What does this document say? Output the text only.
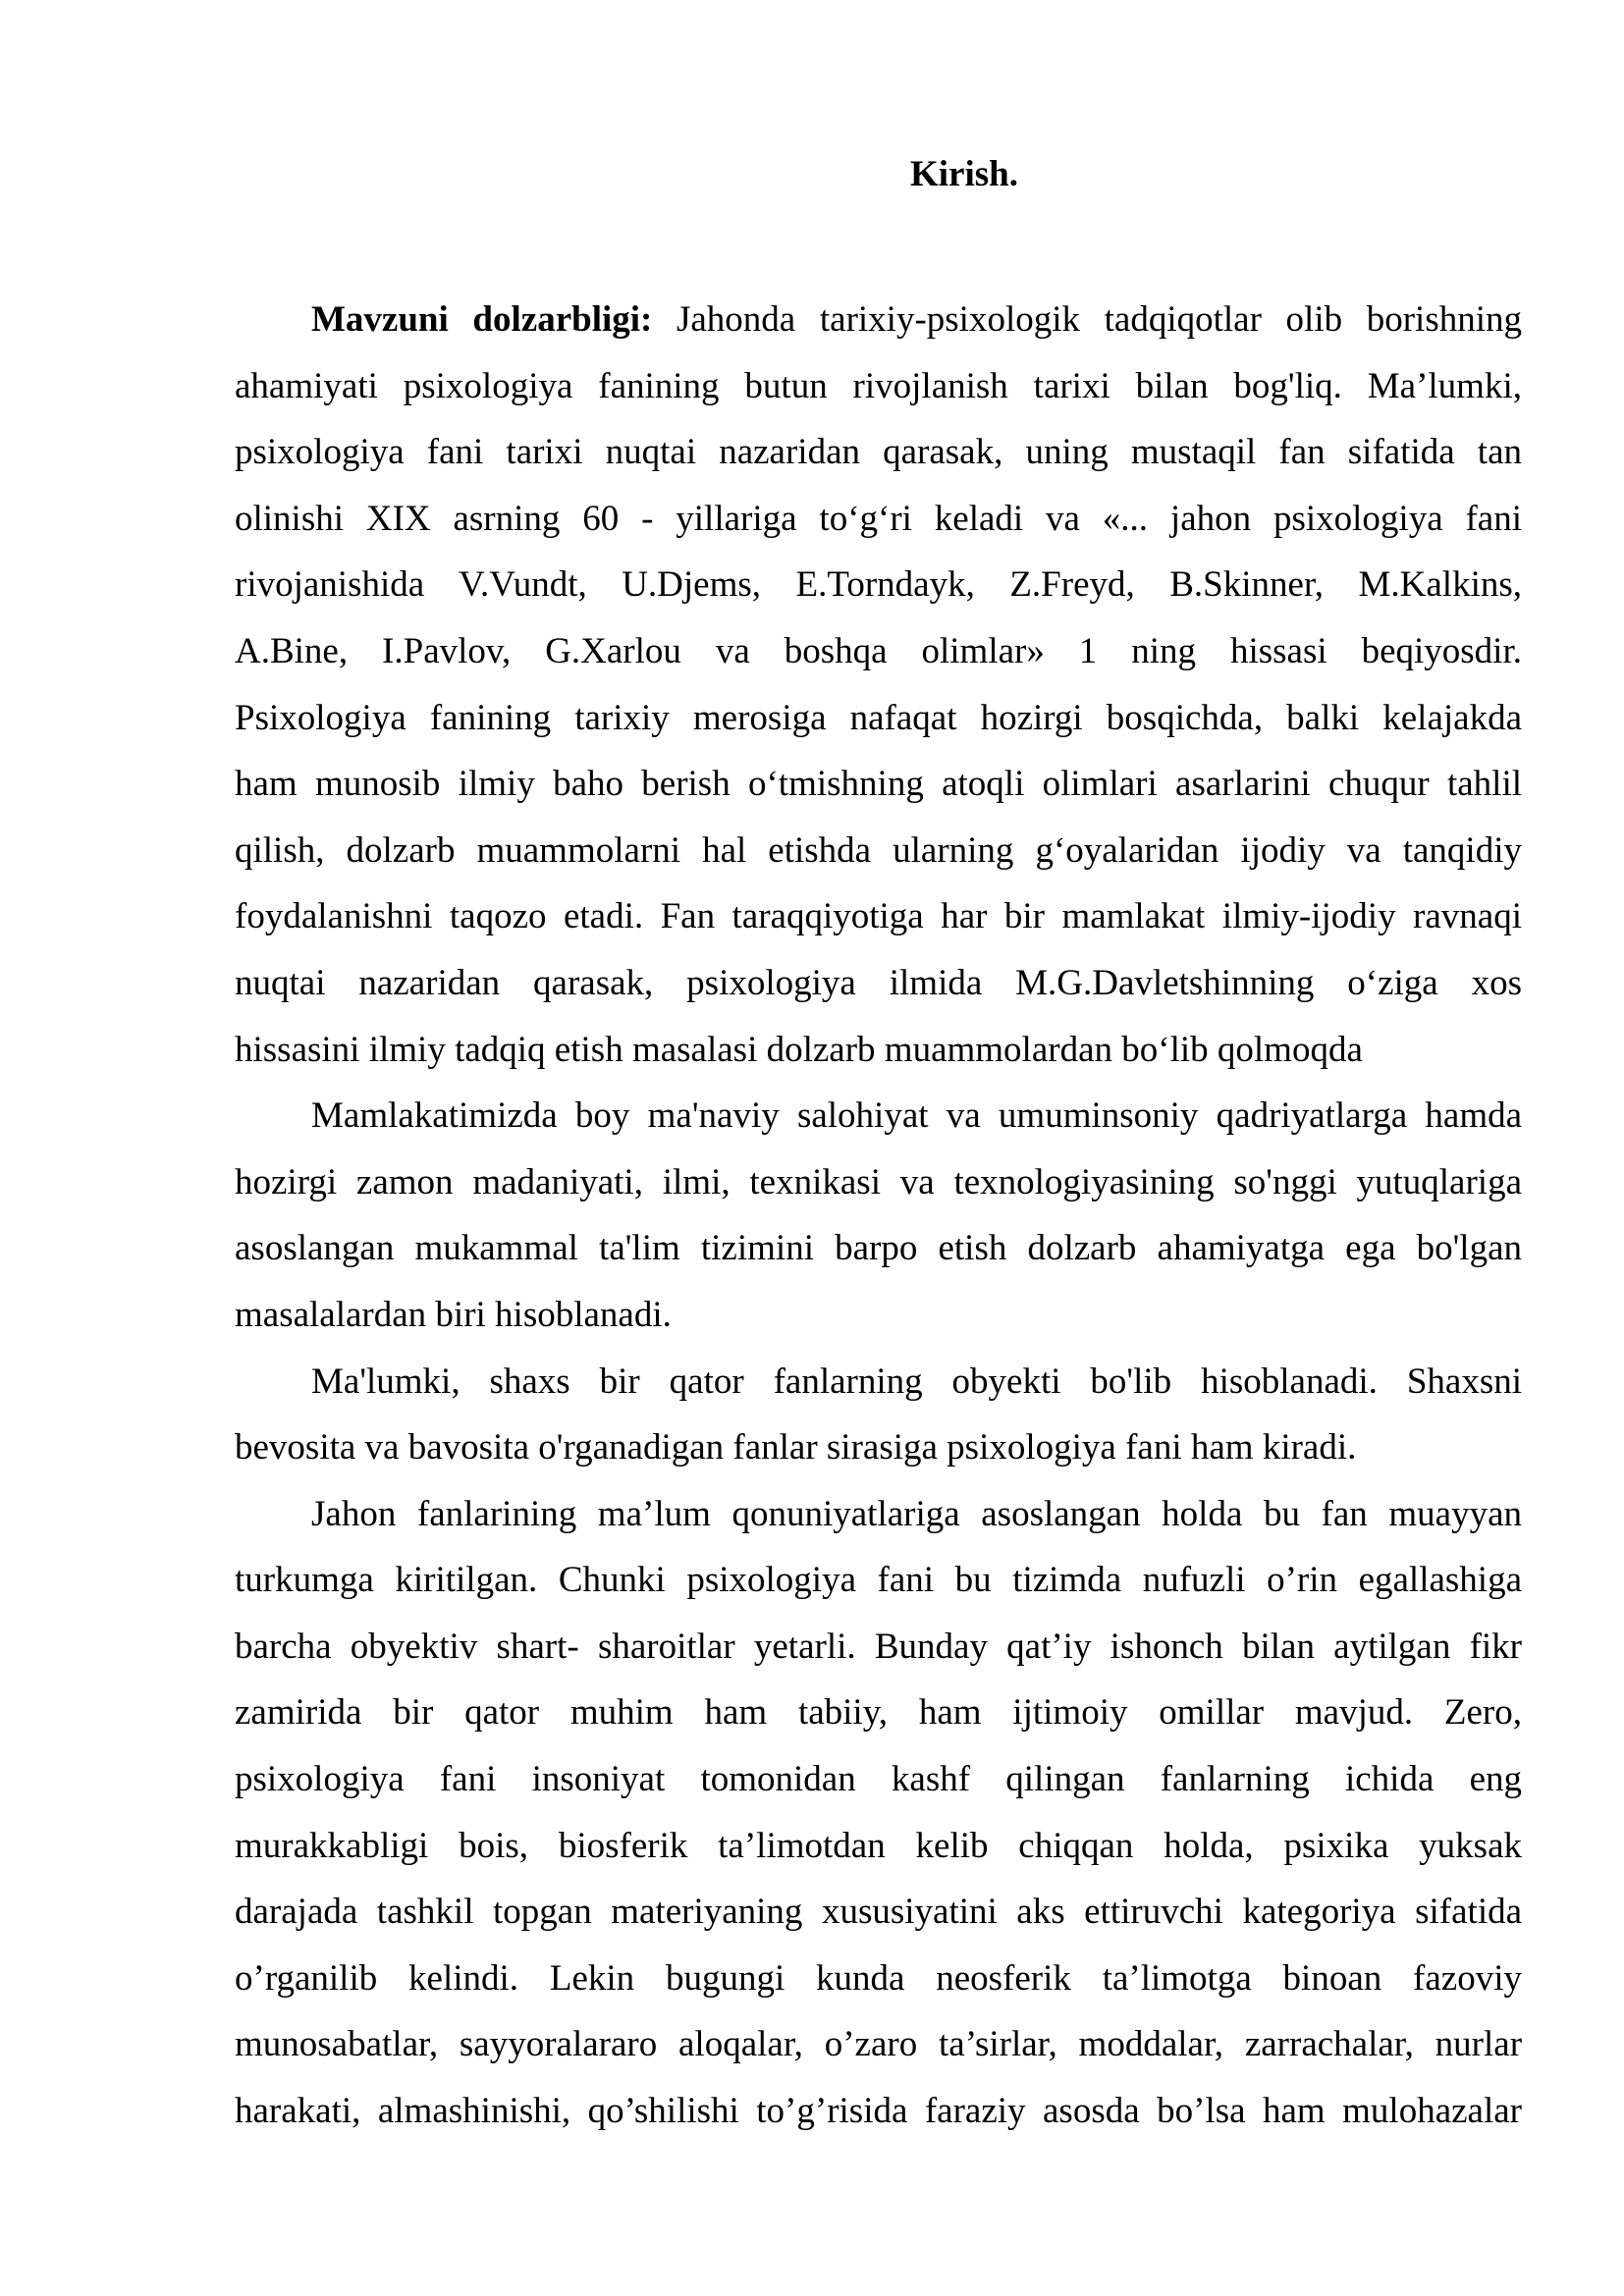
Kirish.
Mavzuni dolzarbligi: Jahonda tarixiy-psixologik tadqiqotlar olib borishning
ahamiyati psixologiya fanining butun rivojlanish tarixi bilan bog'liq. Ma’lumki,
psixologiya fani tarixi nuqtai nazaridan qarasak, uning mustaqil fan sifatida tan
olinishi XIX asrning 60 - yillariga to‘g‘ri keladi va «... jahon psixologiya fani
rivojanishida V.Vundt, U.Djems, E.Torndayk, Z.Freyd, B.Skinner, M.Kalkins,
A.Bine, I.Pavlov, G.Xarlou va boshqa olimlar» 1 ning hissasi beqiyosdir.
Psixologiya fanining tarixiy merosiga nafaqat hozirgi bosqichda, balki kelajakda
ham munosib ilmiy baho berish o‘tmishning atoqli olimlari asarlarini chuqur tahlil
qilish, dolzarb muammolarni hal etishda ularning g‘oyalaridan ijodiy va tanqidiy
foydalanishni taqozo etadi. Fan taraqqiyotiga har bir mamlakat ilmiy-ijodiy ravnaqi
nuqtai nazaridan qarasak, psixologiya ilmida M.G.Davletshinning o‘ziga xos
hissasini ilmiy tadqiq etish masalasi dolzarb muammolardan bo‘lib qolmoqda
Mamlakatimizda boy ma'naviy salohiyat va umuminsoniy qadriyatlarga hamda
hozirgi zamon madaniyati, ilmi, texnikasi va texnologiyasining so'nggi yutuqlariga
asoslangan mukammal ta'lim tizimini barpo etish dolzarb ahamiyatga ega bo'lgan
masalalardan biri hisoblanadi.
Ma'lumki, shaxs bir qator fanlarning obyekti bo'lib hisoblanadi. Shaxsni
bevosita va bavosita o'rganadigan fanlar sirasiga psixologiya fani ham kiradi.
Jahon fanlarining ma’lum qonuniyatlariga asoslangan holda bu fan muayyan
turkumga kiritilgan. Chunki psixologiya fani bu tizimda nufuzli o’rin egallashiga
barcha obyektiv shart- sharoitlar yetarli. Bunday qat’iy ishonch bilan aytilgan fikr
zamirida bir qator muhim ham tabiiy, ham ijtimoiy omillar mavjud. Zero,
psixologiya fani insoniyat tomonidan kashf qilingan fanlarning ichida eng
murakkabligi bois, biosferik ta’limotdan kelib chiqqan holda, psixika yuksak
darajada tashkil topgan materiyaning xususiyatini aks ettiruvchi kategoriya sifatida
o’rganilib kelindi. Lekin bugungi kunda neosferik ta’limotga binoan fazoviy
munosabatlar, sayyoralararo aloqalar, o’zaro ta’sirlar, moddalar, zarrachalar, nurlar
harakati, almashinishi, qo’shilishi to’g’risida faraziy asosda bo’lsa ham mulohazalar
